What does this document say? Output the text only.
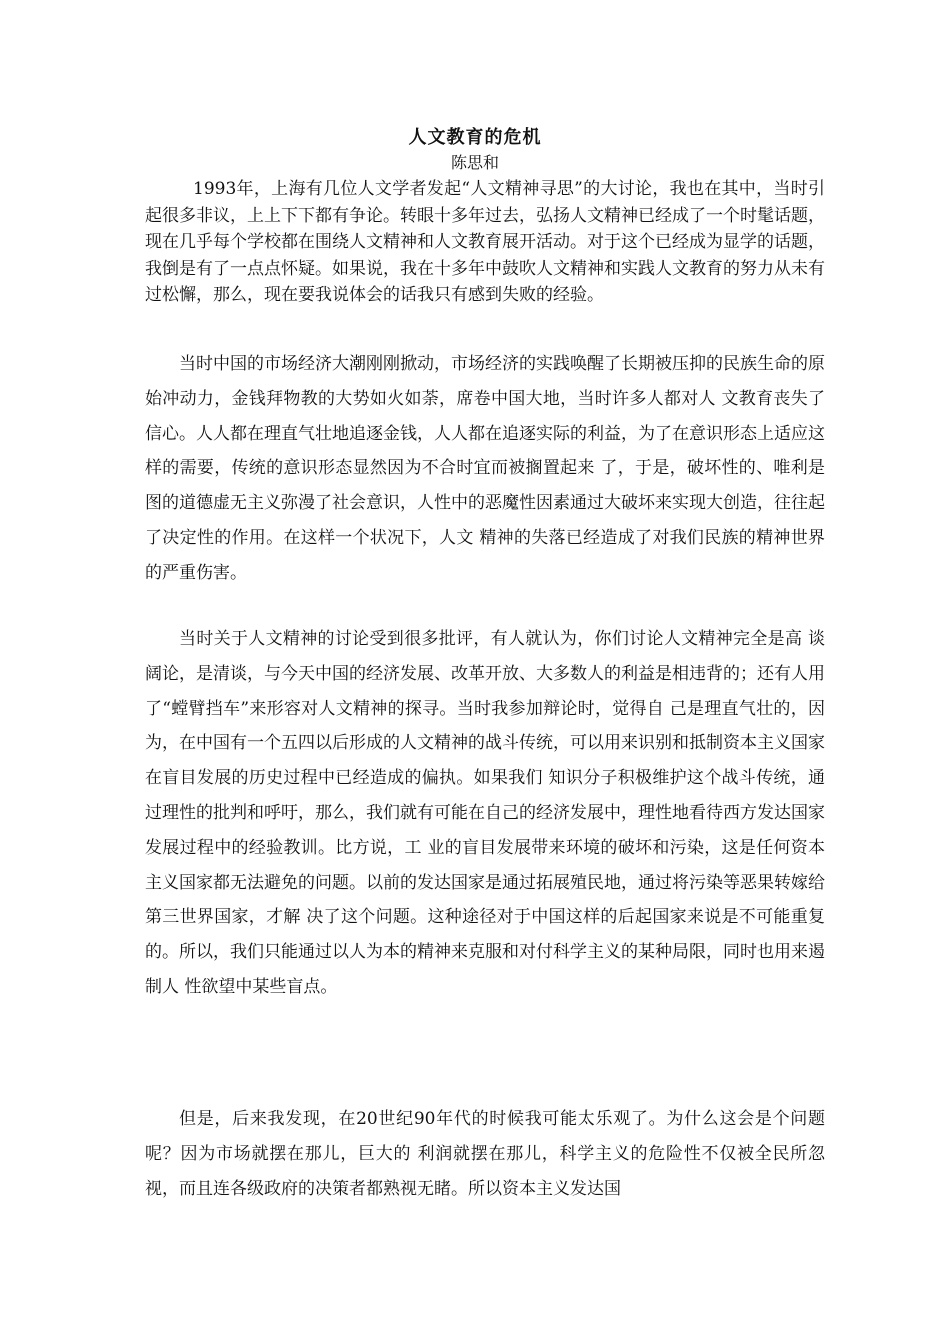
人文教育的危机
陈思和

1993年，上海有几位人文学者发起“人文精神寻思”的大讨论，我也在其中，当时引起很多非议，上上下下都有争论。转眼十多年过去，弘扬人文精神已经成了一个时髦话题，现在几乎每个学校都在围绕人文精神和人文教育展开活动。对于这个已经成为显学的话题，我倒是有了一点点怀疑。如果说，我在十多年中鼓吹人文精神和实践人文教育的努力从未有过松懈，那么，现在要我说体会的话我只有感到失败的经验。

当时中国的市场经济大潮刚刚掀动，市场经济的实践唤醒了长期被压抑的民族生命的原始冲动力，金钱拜物教的大势如火如荼，席卷中国大地，当时许多人都对人 文教育丧失了信心。人人都在理直气壮地追逐金钱，人人都在追逐实际的利益，为了在意识形态上适应这样的需要，传统的意识形态显然因为不合时宜而被搁置起来 了，于是，破坏性的、唯利是图的道德虚无主义弥漫了社会意识，人性中的恶魔性因素通过大破坏来实现大创造，往往起了决定性的作用。在这样一个状况下，人文 精神的失落已经造成了对我们民族的精神世界的严重伤害。

当时关于人文精神的讨论受到很多批评，有人就认为，你们讨论人文精神完全是高 谈阔论，是清谈，与今天中国的经济发展、改革开放、大多数人的利益是相违背的；还有人用了“螳臂挡车”来形容对人文精神的探寻。当时我参加辩论时，觉得自 己是理直气壮的，因为，在中国有一个五四以后形成的人文精神的战斗传统，可以用来识别和抵制资本主义国家在盲目发展的历史过程中已经造成的偏执。如果我们 知识分子积极维护这个战斗传统，通过理性的批判和呼吁，那么，我们就有可能在自己的经济发展中，理性地看待西方发达国家发展过程中的经验教训。比方说，工 业的盲目发展带来环境的破坏和污染，这是任何资本主义国家都无法避免的问题。以前的发达国家是通过拓展殖民地，通过将污染等恶果转嫁给第三世界国家，才解 决了这个问题。这种途径对于中国这样的后起国家来说是不可能重复的。所以，我们只能通过以人为本的精神来克服和对付科学主义的某种局限，同时也用来遏制人 性欲望中某些盲点。

但是，后来我发现，在20世纪90年代的时候我可能太乐观了。为什么这会是个问题呢？因为市场就摆在那儿，巨大的 利润就摆在那儿，科学主义的危险性不仅被全民所忽视，而且连各级政府的决策者都熟视无睹。所以资本主义发达国
